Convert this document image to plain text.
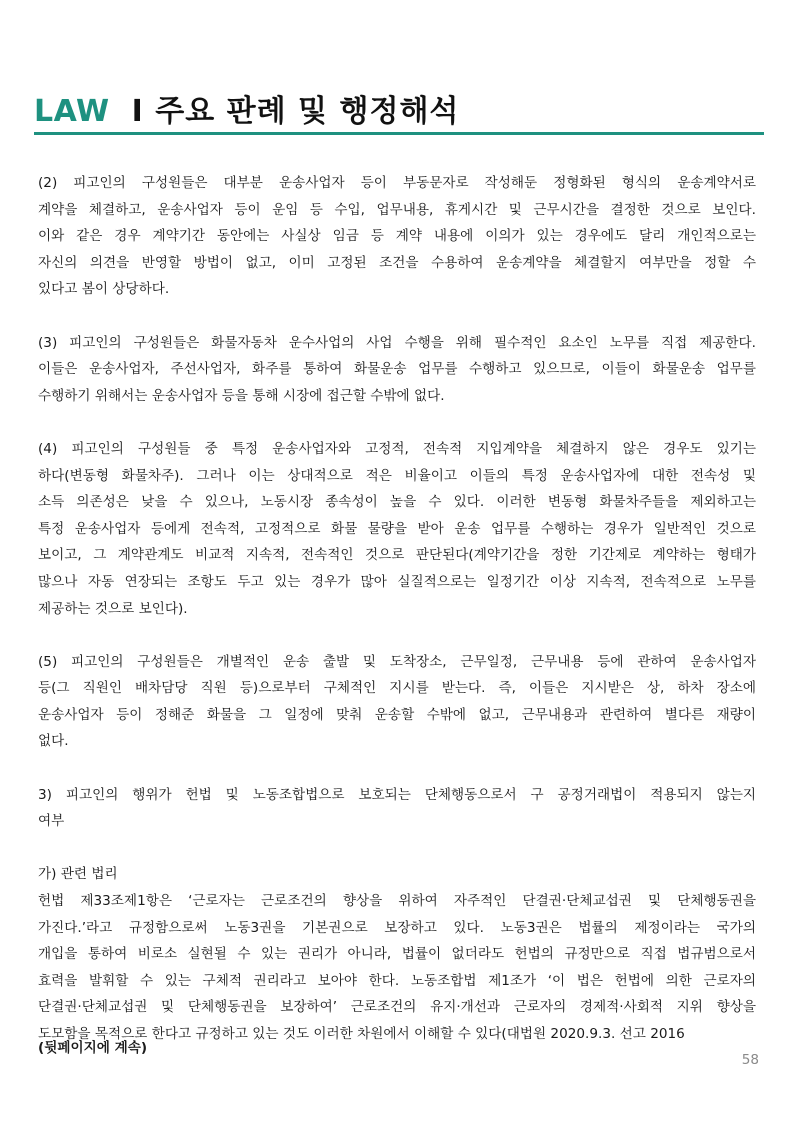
LAW I 주요 판례 및 행정해석
(2) 피고인의 구성원들은 대부분 운송사업자 등이 부동문자로 작성해둔 정형화된 형식의 운송계약서로
계약을 체결하고, 운송사업자 등이 운임 등 수입, 업무내용, 휴게시간 및 근무시간을 결정한 것으로 보인다.
이와 같은 경우 계약기간 동안에는 사실상 임금 등 계약 내용에 이의가 있는 경우에도 달리 개인적으로는
자신의 의견을 반영할 방법이 없고, 이미 고정된 조건을 수용하여 운송계약을 체결할지 여부만을 정할 수
있다고 봄이 상당하다.
(3) 피고인의 구성원들은 화물자동차 운수사업의 사업 수행을 위해 필수적인 요소인 노무를 직접 제공한다.
이들은 운송사업자, 주선사업자, 화주를 통하여 화물운송 업무를 수행하고 있으므로, 이들이 화물운송 업무를
수행하기 위해서는 운송사업자 등을 통해 시장에 접근할 수밖에 없다.
(4) 피고인의 구성원들 중 특정 운송사업자와 고정적, 전속적 지입계약을 체결하지 않은 경우도 있기는
하다(변동형 화물차주). 그러나 이는 상대적으로 적은 비율이고 이들의 특정 운송사업자에 대한 전속성 및
소득 의존성은 낮을 수 있으나, 노동시장 종속성이 높을 수 있다. 이러한 변동형 화물차주들을 제외하고는
특정 운송사업자 등에게 전속적, 고정적으로 화물 물량을 받아 운송 업무를 수행하는 경우가 일반적인 것으로
보이고, 그 계약관계도 비교적 지속적, 전속적인 것으로 판단된다(계약기간을 정한 기간제로 계약하는 형태가
많으나 자동 연장되는 조항도 두고 있는 경우가 많아 실질적으로는 일정기간 이상 지속적, 전속적으로 노무를
제공하는 것으로 보인다).
(5) 피고인의 구성원들은 개별적인 운송 출발 및 도착장소, 근무일정, 근무내용 등에 관하여 운송사업자
등(그 직원인 배차담당 직원 등)으로부터 구체적인 지시를 받는다. 즉, 이들은 지시받은 상, 하차 장소에
운송사업자 등이 정해준 화물을 그 일정에 맞춰 운송할 수밖에 없고, 근무내용과 관련하여 별다른 재량이
없다.
3) 피고인의 행위가 헌법 및 노동조합법으로 보호되는 단체행동으로서 구 공정거래법이 적용되지 않는지
여부
가) 관련 법리
헌법 제33조제1항은 ‘근로자는 근로조건의 향상을 위하여 자주적인 단결권·단체교섭권 및 단체행동권을
가진다.’라고 규정함으로써 노동3권을 기본권으로 보장하고 있다. 노동3권은 법률의 제정이라는 국가의
개입을 통하여 비로소 실현될 수 있는 권리가 아니라, 법률이 없더라도 헌법의 규정만으로 직접 법규범으로서
효력을 발휘할 수 있는 구체적 권리라고 보아야 한다. 노동조합법 제1조가 ‘이 법은 헌법에 의한 근로자의
단결권·단체교섭권 및 단체행동권을 보장하여’ 근로조건의 유지·개선과 근로자의 경제적·사회적 지위 향상을
도모함을 목적으로 한다고 규정하고 있는 것도 이러한 차원에서 이해할 수 있다(대법원 2020.9.3. 선고 2016
(뒷페이지에 계속)
58
